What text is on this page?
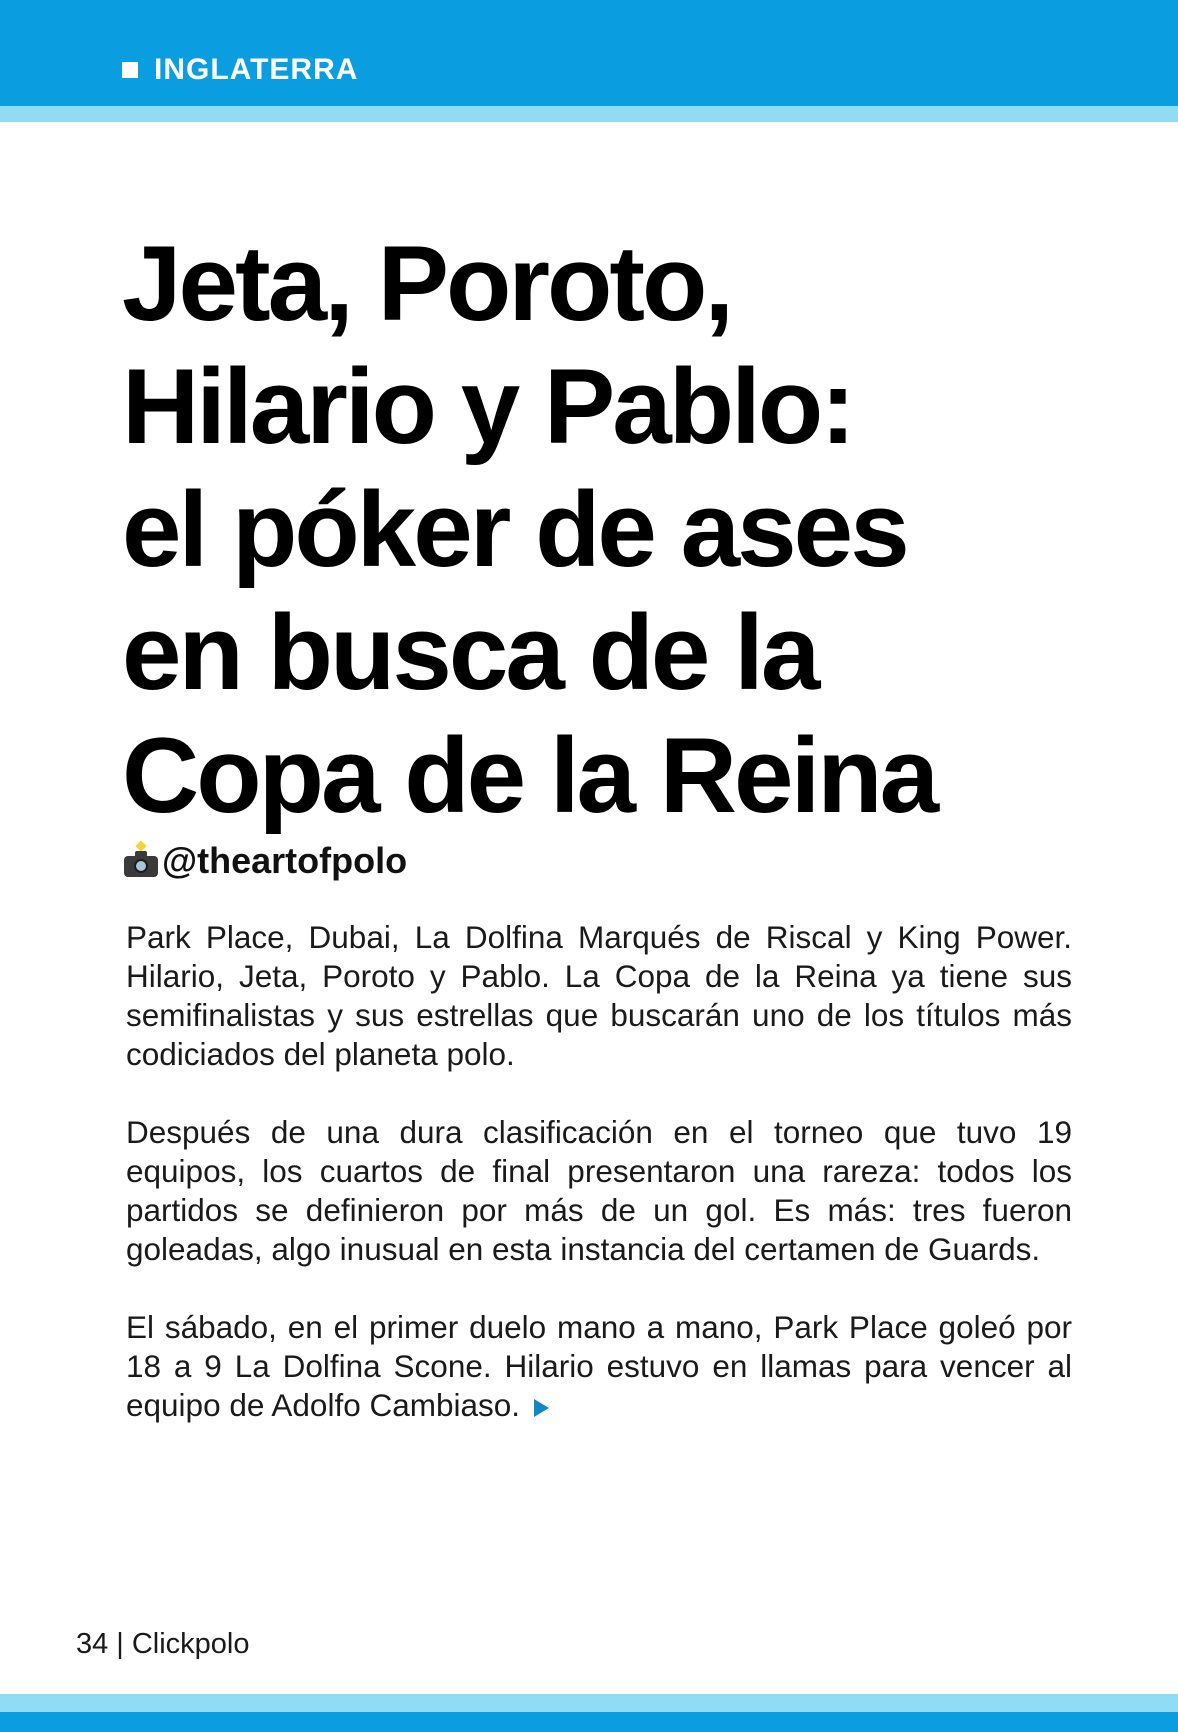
INGLATERRA
Jeta, Poroto,
Hilario y Pablo:
el póker de ases
en busca de la
Copa de la Reina
@theartofpolo

Park Place, Dubai, La Dolfina Marqués de Riscal y King Power. Hilario, Jeta, Poroto y Pablo. La Copa de la Reina ya tiene sus semifinalistas y sus estrellas que buscarán uno de los títulos más codiciados del planeta polo.

Después de una dura clasificación en el torneo que tuvo 19 equipos, los cuartos de final presentaron una rareza: todos los partidos se definieron por más de un gol. Es más: tres fueron goleadas, algo inusual en esta instancia del certamen de Guards.

El sábado, en el primer duelo mano a mano, Park Place goleó por 18 a 9 La Dolfina Scone. Hilario estuvo en llamas para vencer al equipo de Adolfo Cambiaso.

34 | Clickpolo
